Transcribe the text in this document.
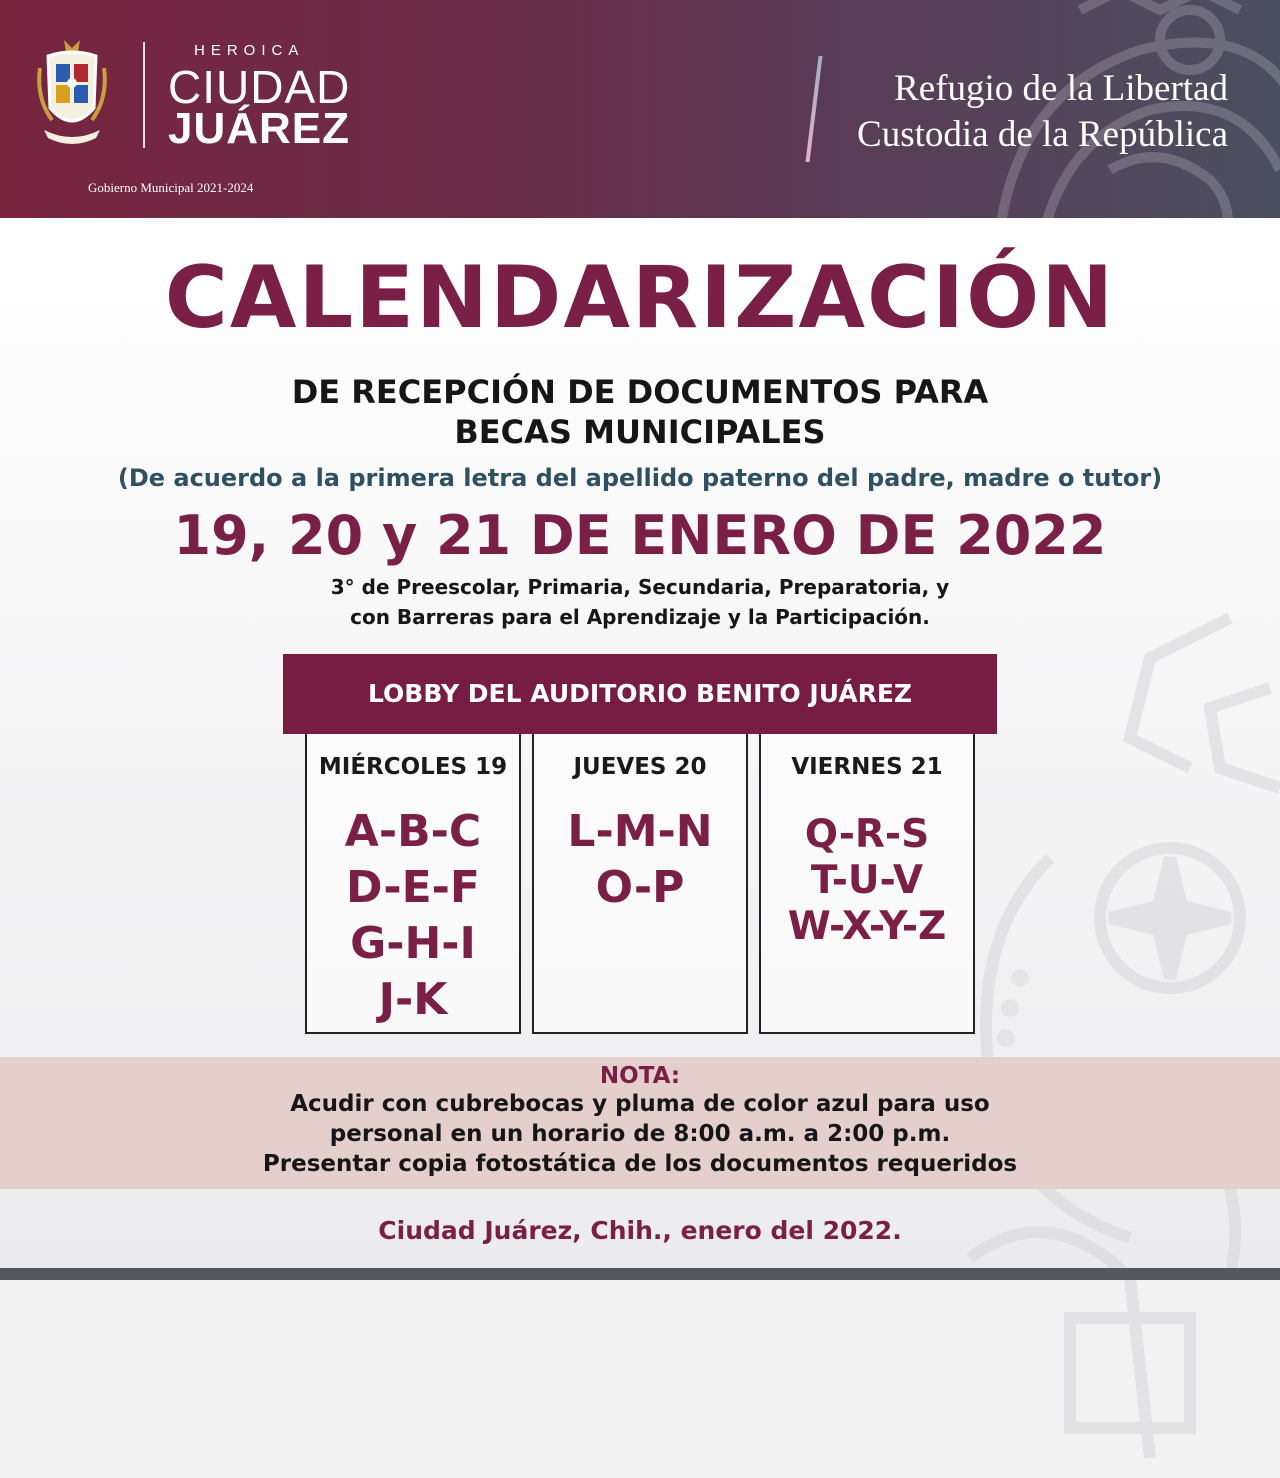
HEROICA
CIUDAD
JUÁREZ
Gobierno Municipal 2021-2024
Refugio de la Libertad
Custodia de la República
CALENDARIZACIÓN
DE RECEPCIÓN DE DOCUMENTOS PARA
BECAS MUNICIPALES
(De acuerdo a la primera letra del apellido paterno del padre, madre o tutor)
19, 20 y 21 DE ENERO DE 2022
3° de Preescolar, Primaria, Secundaria, Preparatoria, y
con Barreras para el Aprendizaje y la Participación.
LOBBY DEL AUDITORIO BENITO JUÁREZ
MIÉRCOLES 19
A-B-C
D-E-F
G-H-I
J-K
JUEVES 20
L-M-N
O-P
VIERNES 21
Q-R-S
T-U-V
W-X-Y-Z
NOTA:
Acudir con cubrebocas y pluma de color azul para uso
personal en un horario de 8:00 a.m. a 2:00 p.m.
Presentar copia fotostática de los documentos requeridos
Ciudad Juárez, Chih., enero del 2022.
